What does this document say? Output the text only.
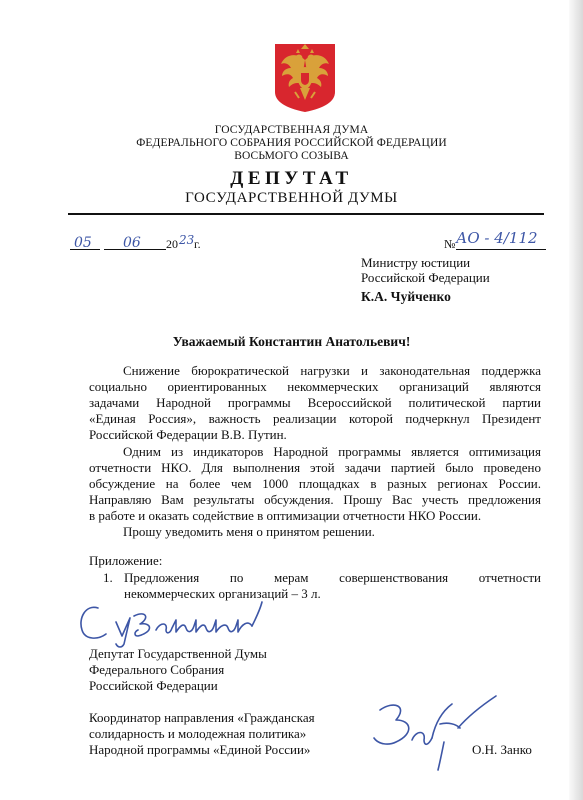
ГОСУДАРСТВЕННАЯ ДУМА
ФЕДЕРАЛЬНОГО СОБРАНИЯ РОССИЙСКОЙ ФЕДЕРАЦИИ
ВОСЬМОГО СОЗЫВА
ДЕПУТАТ
ГОСУДАРСТВЕННОЙ ДУМЫ
05 06 20 23 г.	№ АО - 4/112
Министру юстиции
Российской Федерации
К.А. Чуйченко
Уважаемый Константин Анатольевич!
Снижение бюрократической нагрузки и законодательная поддержка
социально ориентированных некоммерческих организаций являются
задачами Народной программы Всероссийской политической партии
«Единая Россия», важность реализации которой подчеркнул Президент
Российской Федерации В.В. Путин.
Одним из индикаторов Народной программы является оптимизация
отчетности НКО. Для выполнения этой задачи партией было проведено
обсуждение на более чем 1000 площадках в разных регионах России.
Направляю Вам результаты обсуждения. Прошу Вас учесть предложения
в работе и оказать содействие в оптимизации отчетности НКО России.
Прошу уведомить меня о принятом решении.
Приложение:
1. Предложения по мерам совершенствования отчетности
некоммерческих организаций – 3 л.
Депутат Государственной Думы
Федерального Собрания
Российской Федерации
Координатор направления «Гражданская
солидарность и молодежная политика»
Народной программы «Единой России»	О.Н. Занко
